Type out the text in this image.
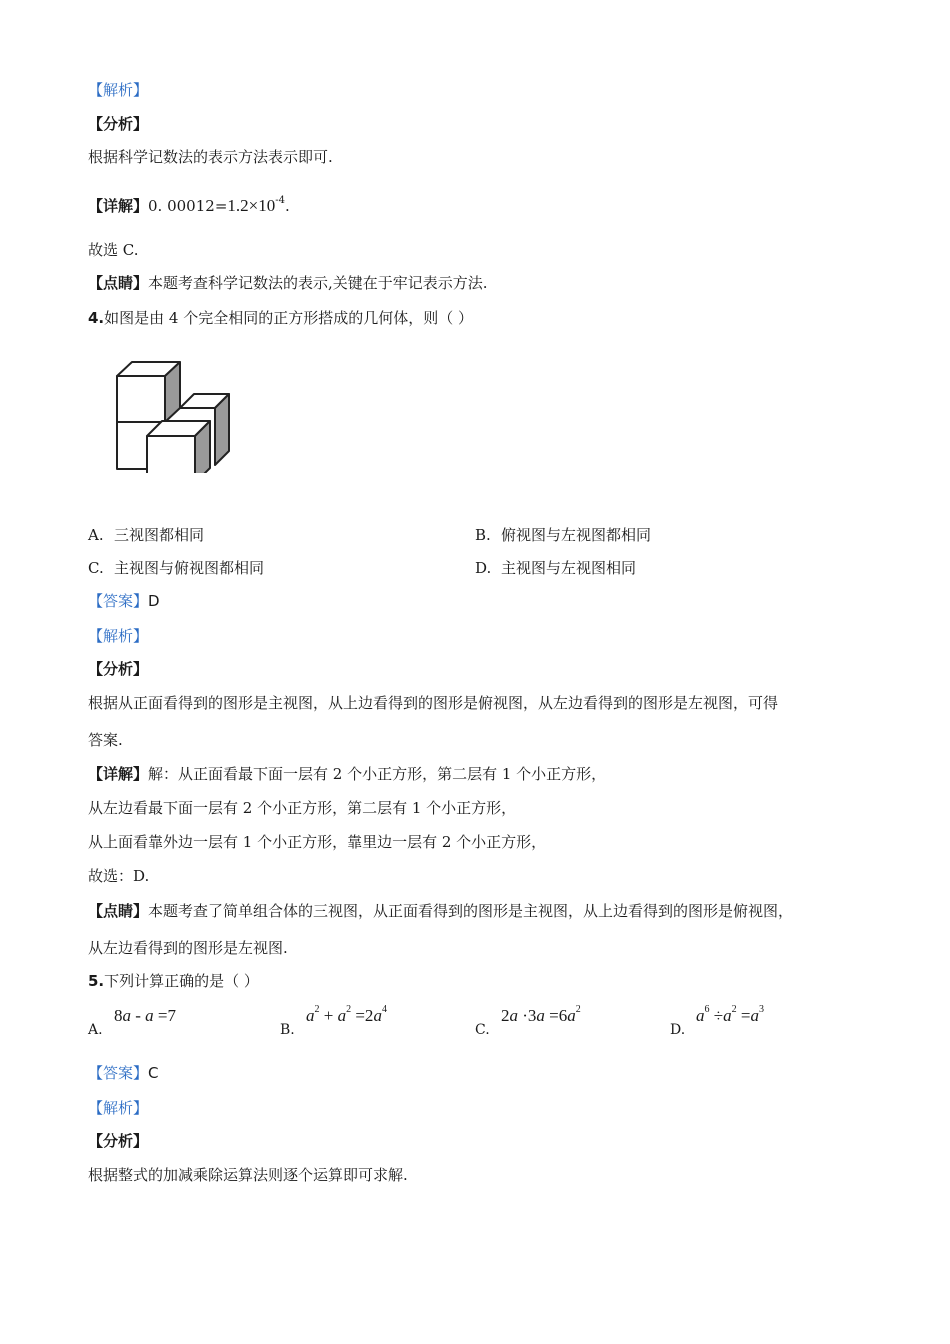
【解析】
【分析】
根据科学记数法的表示方法表示即可.
【详解】0. $00012=1.2\times 10^{-4}$.
故选 C.
【点睛】本题考查科学记数法的表示,关键在于牢记表示方法.
4.如图是由 4 个完全相同的正方形搭成的几何体，则（ ）
A. 三视图都相同	B. 俯视图与左视图都相同
C. 主视图与俯视图都相同	D. 主视图与左视图相同
【答案】D
【解析】
【分析】
根据从正面看得到的图形是主视图，从上边看得到的图形是俯视图，从左边看得到的图形是左视图，可得
答案.
【详解】解：从正面看最下面一层有 2 个小正方形，第二层有 1 个小正方形，
从左边看最下面一层有 2 个小正方形，第二层有 1 个小正方形，
从上面看靠外边一层有 1 个小正方形，靠里边一层有 2 个小正方形，
故选：D.
【点睛】本题考查了简单组合体的三视图，从正面看得到的图形是主视图，从上边看得到的图形是俯视图，
从左边看得到的图形是左视图.
5.下列计算正确的是（ ）
A.
8a - a =7
B.
$a^2 + a^2 =2a^4$
C.
$2a \cdot 3a =6a^2$
D.
$a^6 \div a^2 =a^3$
【答案】C
【解析】
【分析】
根据整式的加减乘除运算法则逐个运算即可求解.
